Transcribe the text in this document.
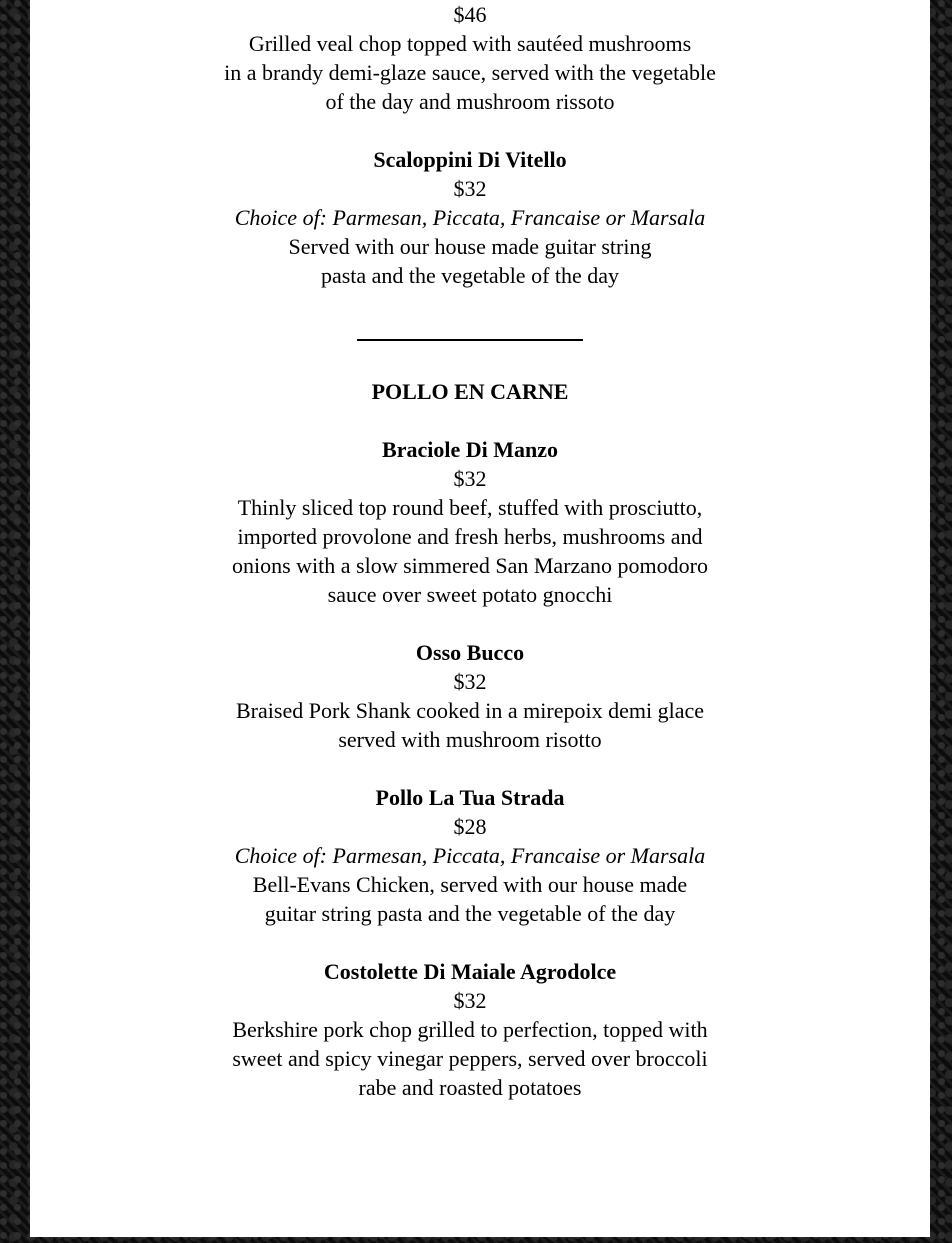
$46
Grilled veal chop topped with sautéed mushrooms
in a brandy demi-glaze sauce, served with the vegetable
of the day and mushroom rissoto
Scaloppini Di Vitello
$32
Choice of: Parmesan, Piccata, Francaise or Marsala
Served with our house made guitar string
pasta and the vegetable of the day
POLLO EN CARNE
Braciole Di Manzo
$32
Thinly sliced top round beef, stuffed with prosciutto,
imported provolone and fresh herbs, mushrooms and
onions with a slow simmered San Marzano pomodoro
sauce over sweet potato gnocchi
Osso Bucco
$32
Braised Pork Shank cooked in a mirepoix demi glace
served with mushroom risotto
Pollo La Tua Strada
$28
Choice of: Parmesan, Piccata, Francaise or Marsala
Bell-Evans Chicken, served with our house made
guitar string pasta and the vegetable of the day
Costolette Di Maiale Agrodolce
$32
Berkshire pork chop grilled to perfection, topped with
sweet and spicy vinegar peppers, served over broccoli
rabe and roasted potatoes
